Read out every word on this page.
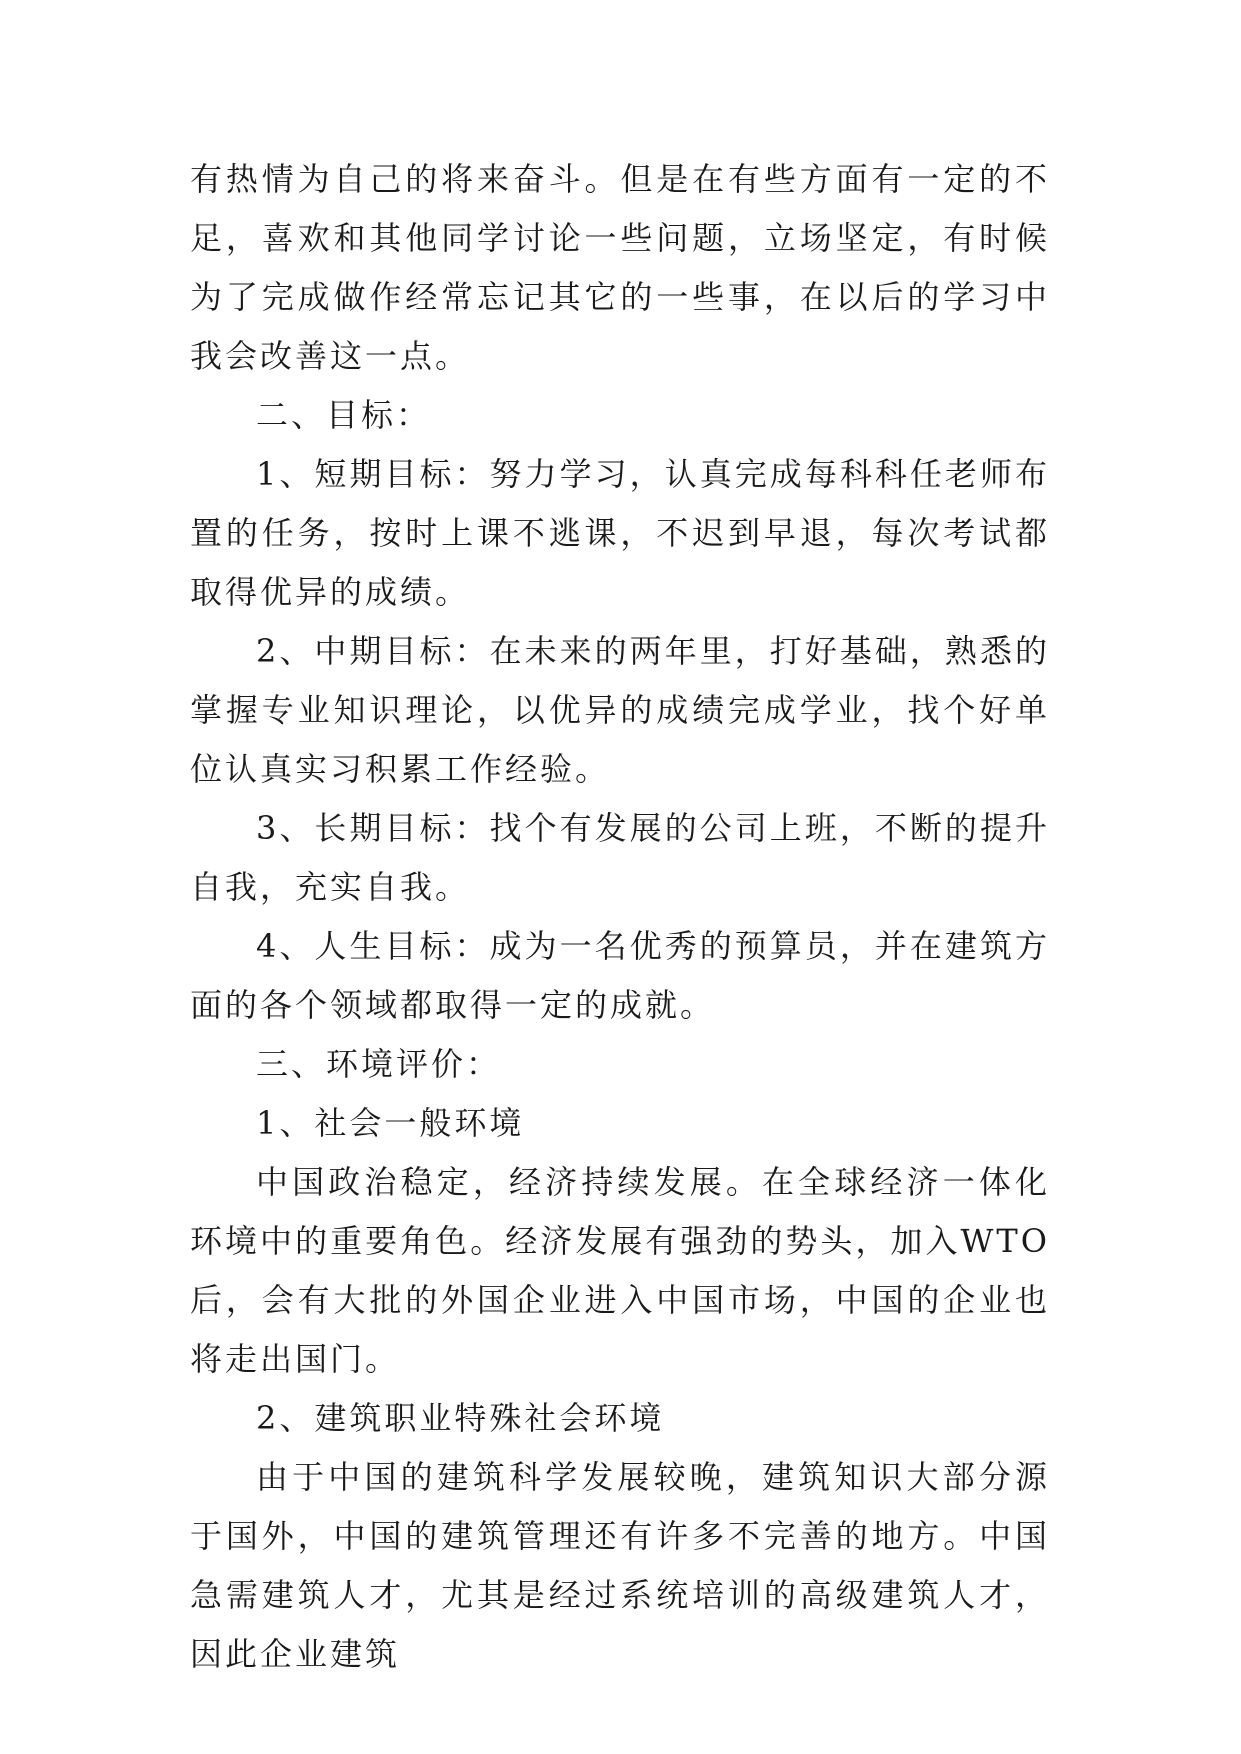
有热情为自己的将来奋斗。但是在有些方面有一定的不足，喜欢和其他同学讨论一些问题，立场坚定，有时候为了完成做作经常忘记其它的一些事，在以后的学习中我会改善这一点。

二、目标：

1、短期目标：努力学习，认真完成每科科任老师布置的任务，按时上课不逃课，不迟到早退，每次考试都取得优异的成绩。

2、中期目标：在未来的两年里，打好基础，熟悉的掌握专业知识理论，以优异的成绩完成学业，找个好单位认真实习积累工作经验。

3、长期目标：找个有发展的公司上班，不断的提升自我，充实自我。

4、人生目标：成为一名优秀的预算员，并在建筑方面的各个领域都取得一定的成就。

三、环境评价：

1、社会一般环境

中国政治稳定，经济持续发展。在全球经济一体化环境中的重要角色。经济发展有强劲的势头，加入WTO后，会有大批的外国企业进入中国市场，中国的企业也将走出国门。

2、建筑职业特殊社会环境

由于中国的建筑科学发展较晚，建筑知识大部分源于国外，中国的建筑管理还有许多不完善的地方。中国急需建筑人才，尤其是经过系统培训的高级建筑人才，因此企业建筑
